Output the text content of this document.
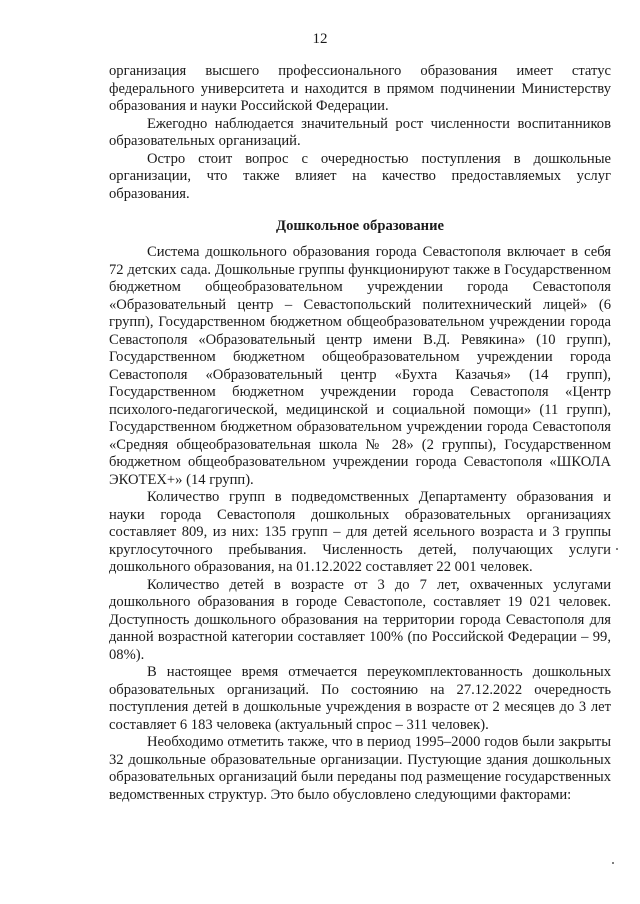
12

организация высшего профессионального образования имеет статус федерального университета и находится в прямом подчинении Министерству образования и науки Российской Федерации.

Ежегодно наблюдается значительный рост численности воспитанников образовательных организаций.

Остро стоит вопрос с очередностью поступления в дошкольные организации, что также влияет на качество предоставляемых услуг образования.

Дошкольное образование

Система дошкольного образования города Севастополя включает в себя 72 детских сада. Дошкольные группы функционируют также в Государственном бюджетном общеобразовательном учреждении города Севастополя «Образовательный центр – Севастопольский политехнический лицей» (6 групп), Государственном бюджетном общеобразовательном учреждении города Севастополя «Образовательный центр имени В.Д. Ревякина» (10 групп), Государственном бюджетном общеобразовательном учреждении города Севастополя «Образовательный центр «Бухта Казачья» (14 групп), Государственном бюджетном учреждении города Севастополя «Центр психолого-педагогической, медицинской и социальной помощи» (11 групп), Государственном бюджетном образовательном учреждении города Севастополя «Средняя общеобразовательная школа № 28» (2 группы), Государственном бюджетном общеобразовательном учреждении города Севастополя «ШКОЛА ЭКОТЕХ+» (14 групп).

Количество групп в подведомственных Департаменту образования и науки города Севастополя дошкольных образовательных организациях составляет 809, из них: 135 групп – для детей ясельного возраста и 3 группы круглосуточного пребывания. Численность детей, получающих услуги дошкольного образования, на 01.12.2022 составляет 22 001 человек.

Количество детей в возрасте от 3 до 7 лет, охваченных услугами дошкольного образования в городе Севастополе, составляет 19 021 человек. Доступность дошкольного образования на территории города Севастополя для данной возрастной категории составляет 100% (по Российской Федерации – 99, 08%).

В настоящее время отмечается переукомплектованность дошкольных образовательных организаций. По состоянию на 27.12.2022 очередность поступления детей в дошкольные учреждения в возрасте от 2 месяцев до 3 лет составляет 6 183 человека (актуальный спрос – 311 человек).

Необходимо отметить также, что в период 1995–2000 годов были закрыты 32 дошкольные образовательные организации. Пустующие здания дошкольных образовательных организаций были переданы под размещение государственных ведомственных структур. Это было обусловлено следующими факторами:
